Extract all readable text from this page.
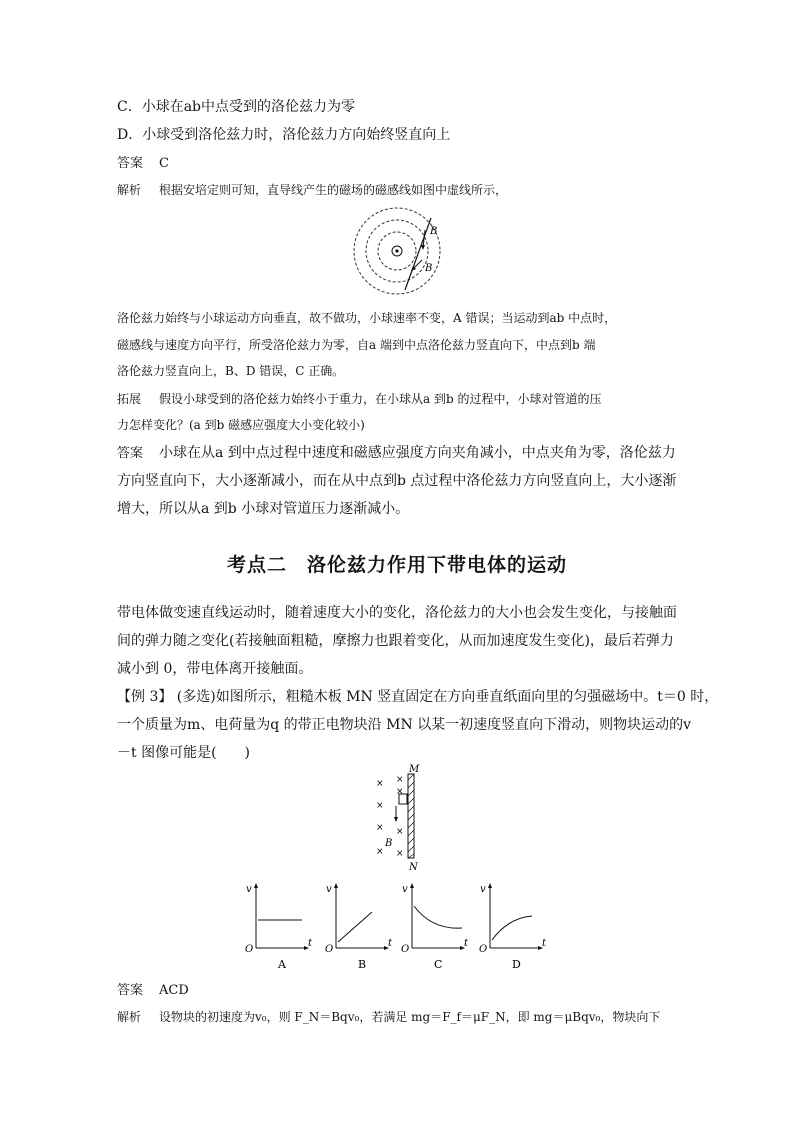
C．小球在ab中点受到的洛伦兹力为零
D．小球受到洛伦兹力时，洛伦兹力方向始终竖直向上
答案 C
解析 根据安培定则可知，直导线产生的磁场的磁感线如图中虚线所示，
B
B
洛伦兹力始终与小球运动方向垂直，故不做功，小球速率不变，A 错误；当运动到ab 中点时，
磁感线与速度方向平行，所受洛伦兹力为零，自a 端到中点洛伦兹力竖直向下，中点到b 端
洛伦兹力竖直向上，B、D 错误，C 正确。
拓展 假设小球受到的洛伦兹力始终小于重力，在小球从a 到b 的过程中，小球对管道的压
力怎样变化？(a 到b 磁感应强度大小变化较小)
答案 小球在从a 到中点过程中速度和磁感应强度方向夹角减小，中点夹角为零，洛伦兹力
方向竖直向下，大小逐渐减小，而在从中点到b 点过程中洛伦兹力方向竖直向上，大小逐渐
增大，所以从a 到b 小球对管道压力逐渐减小。
考点二　洛伦兹力作用下带电体的运动
带电体做变速直线运动时，随着速度大小的变化，洛伦兹力的大小也会发生变化，与接触面
间的弹力随之变化(若接触面粗糙，摩擦力也跟着变化，从而加速度发生变化)，最后若弹力
减小到 0，带电体离开接触面。
【例 3】 (多选)如图所示，粗糙木板 MN 竖直固定在方向垂直纸面向里的匀强磁场中。t＝0 时，
一个质量为m、电荷量为q 的带正电物块沿 MN 以某一初速度竖直向下滑动，则物块运动的v
－t 图像可能是(　　)
M
N
B
× ×
×
×
× ×
× ×
v
t
O
A
v
t
O
B
v
t
O
C
v
t
O
D
答案 ACD
解析 设物块的初速度为v₀，则 F_N＝Bqv₀，若满足 mg＝F_f＝μF_N，即 mg＝μBqv₀，物块向下
